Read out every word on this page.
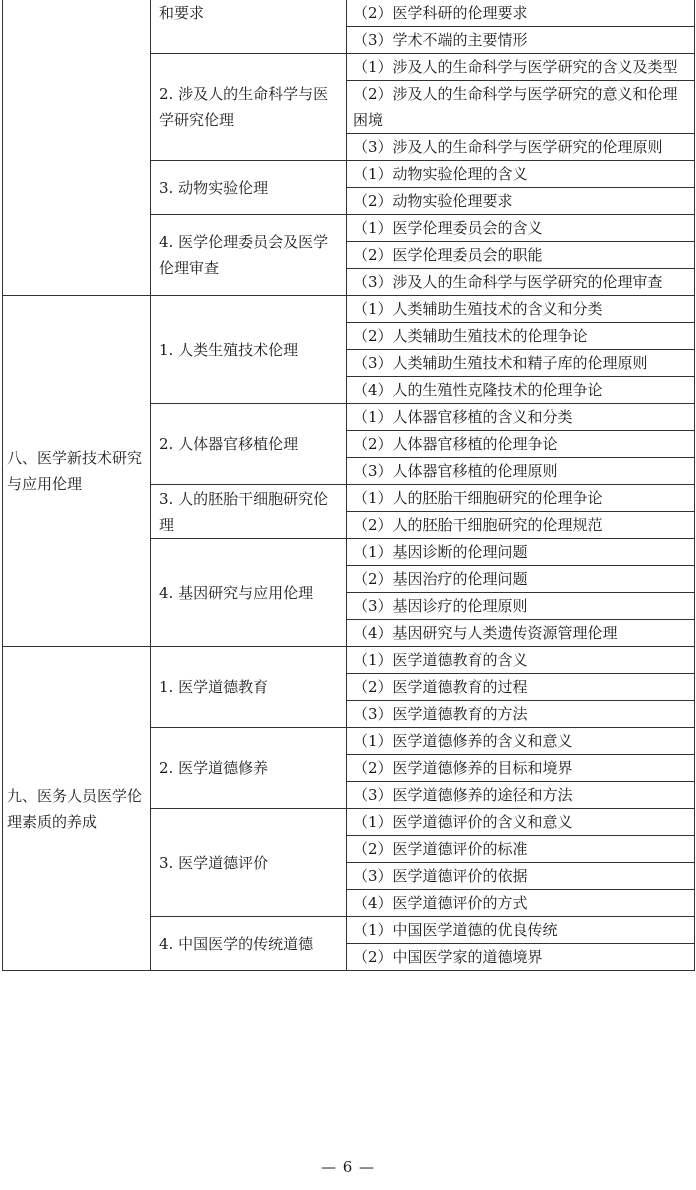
	和要求	（2）医学科研的伦理要求
		（3）学术不端的主要情形
	2. 涉及人的生命科学与医学研究伦理	（1）涉及人的生命科学与医学研究的含义及类型
		（2）涉及人的生命科学与医学研究的意义和伦理困境
		（3）涉及人的生命科学与医学研究的伦理原则
	3. 动物实验伦理	（1）动物实验伦理的含义
		（2）动物实验伦理要求
	4. 医学伦理委员会及医学伦理审查	（1）医学伦理委员会的含义
		（2）医学伦理委员会的职能
		（3）涉及人的生命科学与医学研究的伦理审查
八、医学新技术研究与应用伦理	1. 人类生殖技术伦理	（1）人类辅助生殖技术的含义和分类
		（2）人类辅助生殖技术的伦理争论
		（3）人类辅助生殖技术和精子库的伦理原则
		（4）人的生殖性克隆技术的伦理争论
	2. 人体器官移植伦理	（1）人体器官移植的含义和分类
		（2）人体器官移植的伦理争论
		（3）人体器官移植的伦理原则
	3. 人的胚胎干细胞研究伦理	（1）人的胚胎干细胞研究的伦理争论
		（2）人的胚胎干细胞研究的伦理规范
	4. 基因研究与应用伦理	（1）基因诊断的伦理问题
		（2）基因治疗的伦理问题
		（3）基因诊疗的伦理原则
		（4）基因研究与人类遗传资源管理伦理
九、医务人员医学伦理素质的养成	1. 医学道德教育	（1）医学道德教育的含义
		（2）医学道德教育的过程
		（3）医学道德教育的方法
	2. 医学道德修养	（1）医学道德修养的含义和意义
		（2）医学道德修养的目标和境界
		（3）医学道德修养的途径和方法
	3. 医学道德评价	（1）医学道德评价的含义和意义
		（2）医学道德评价的标准
		（3）医学道德评价的依据
		（4）医学道德评价的方式
	4. 中国医学的传统道德	（1）中国医学道德的优良传统
		（2）中国医学家的道德境界
— 6 —
